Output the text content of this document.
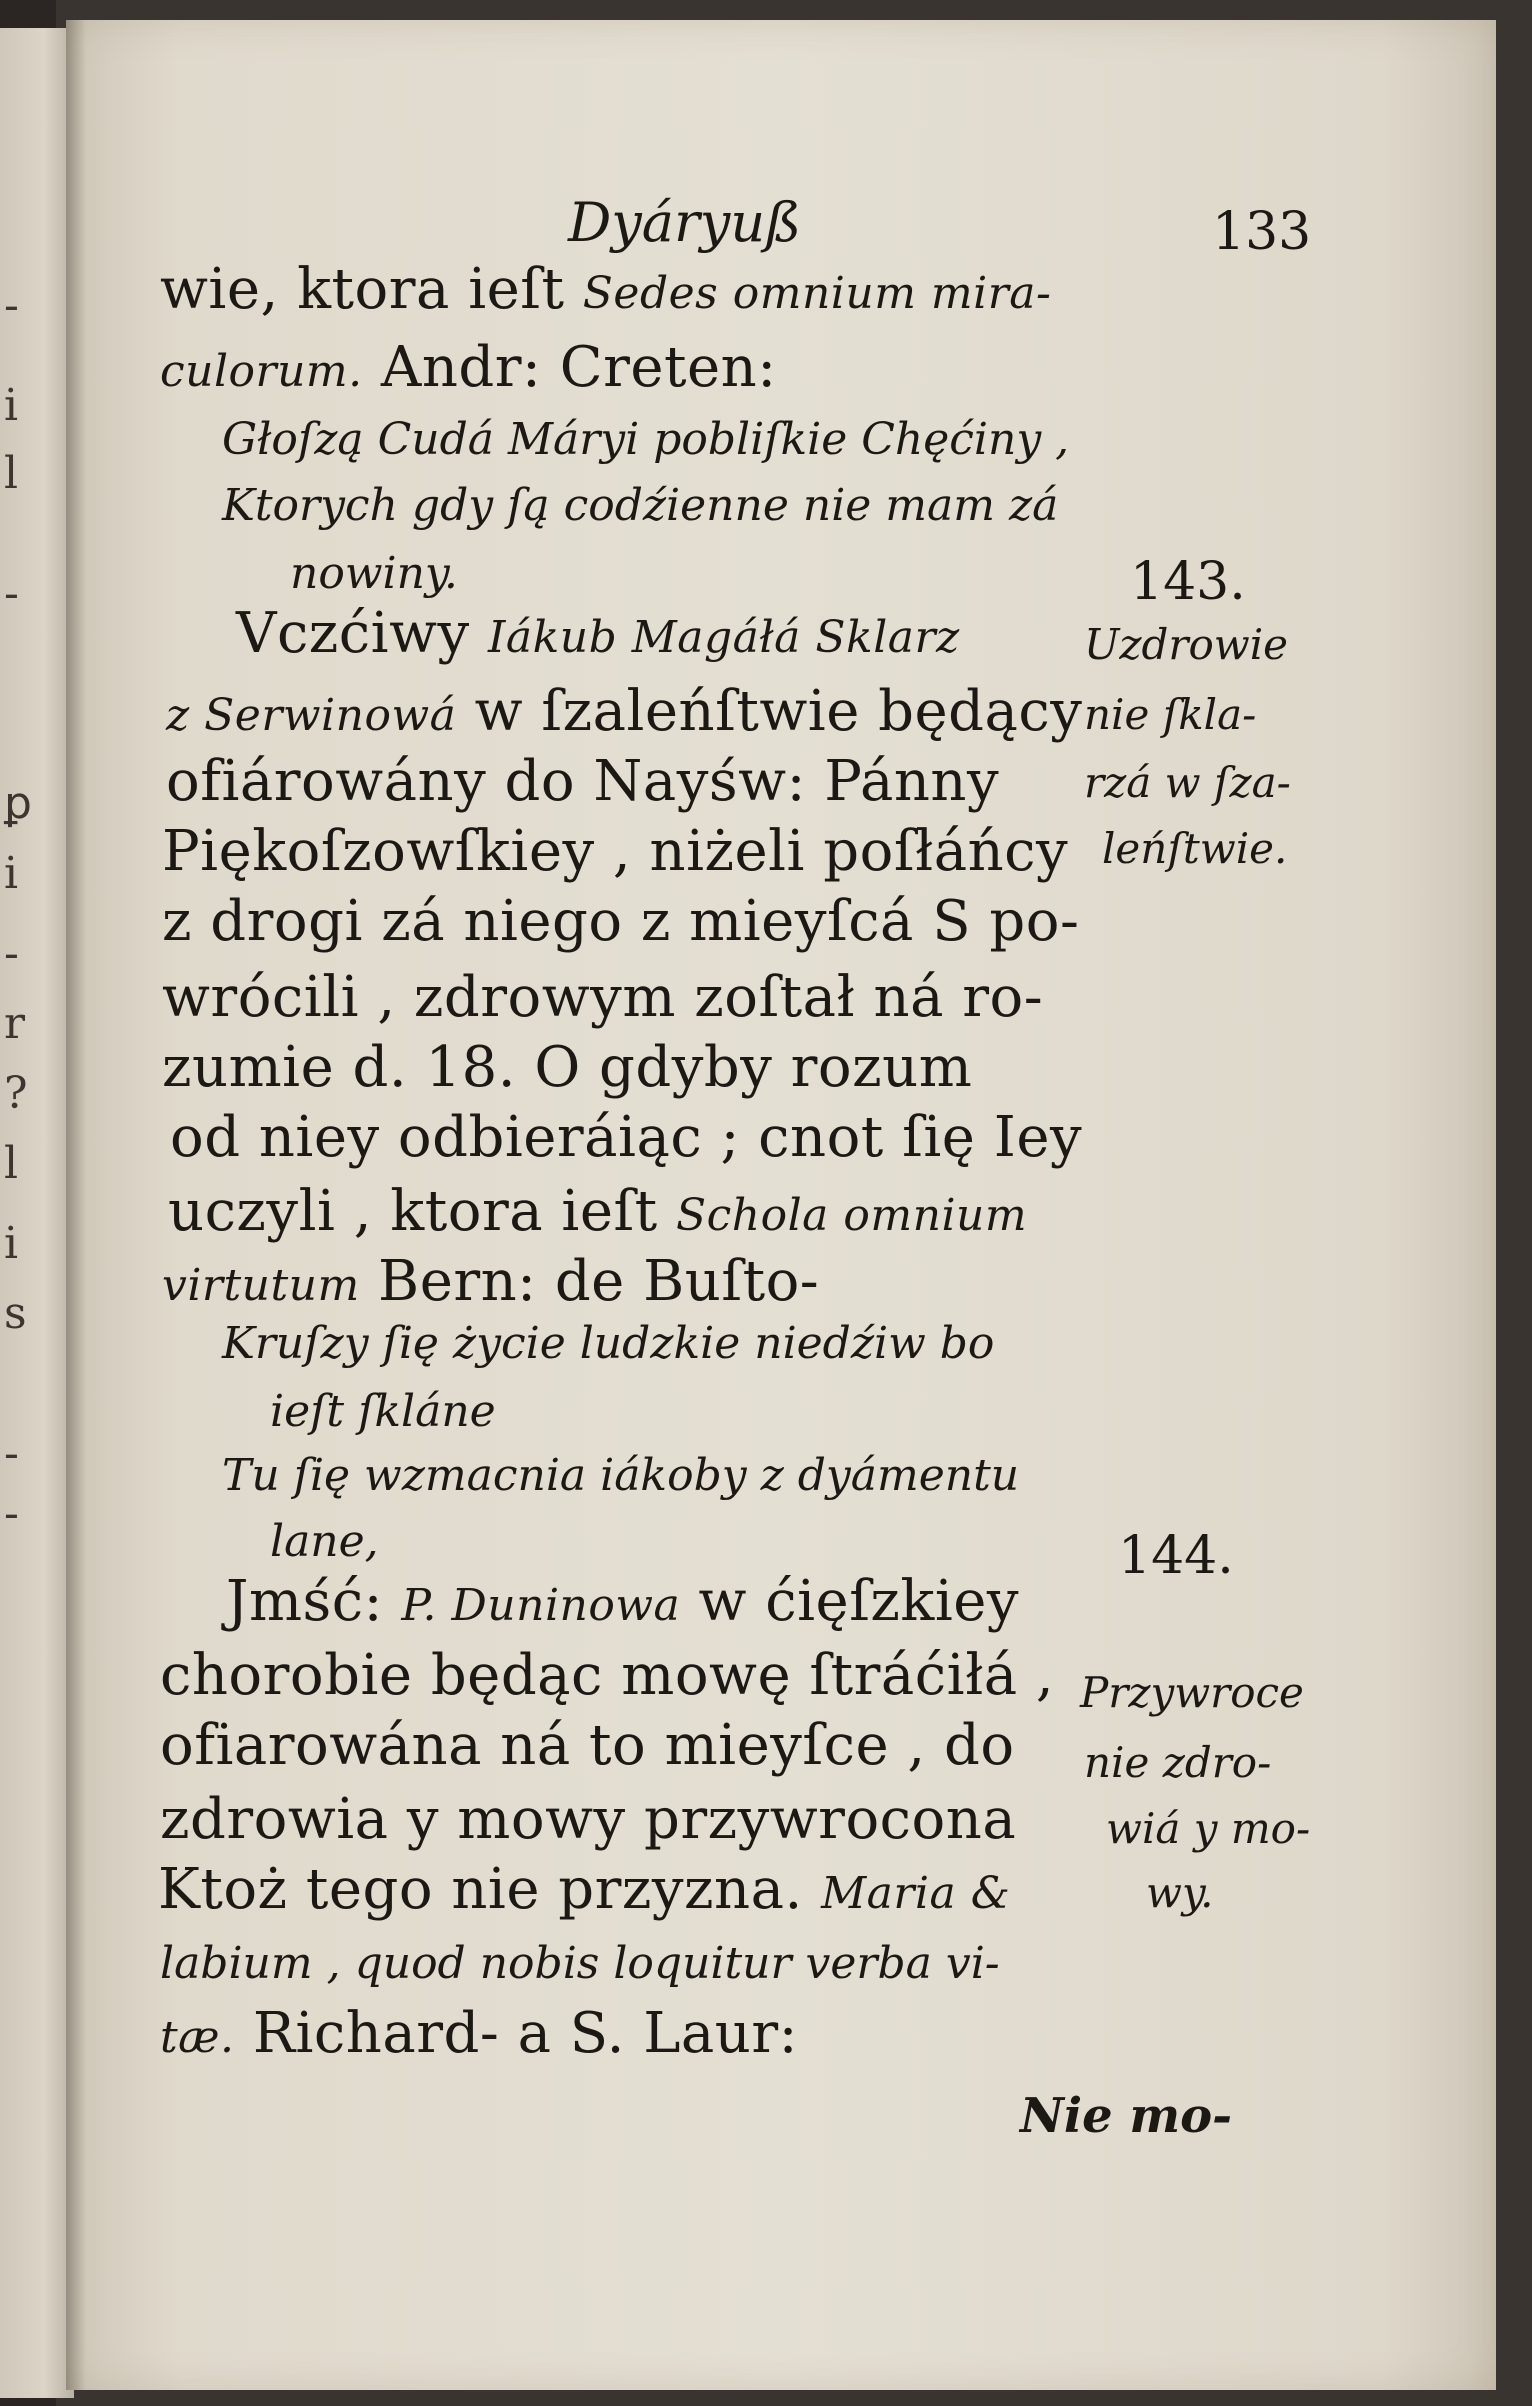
-
i
l
-
ꝑ
i
-
r
?
l
i
s
-
-
Dyáryuß	133
wie, ktora ieſt Sedes omnium mira-
culorum. Andr: Creten:
Głoſzą Cudá Máryi pobliſkie Chęćiny ,
Ktorych gdy ſą codźienne nie mam zá
nowiny.
Vczćiwy Iákub Magáłá Sklarz
z Serwinowá w ſzaleńſtwie będący
ofiárowány do Nayśw: Pánny
Piękoſzowſkiey , niżeli poſłáńcy
z drogi zá niego z mieyſcá S po-
wrócili , zdrowym zoſtał ná ro-
zumie d. 18. O gdyby rozum
od niey odbieráiąc ; cnot ſię Iey
uczyli , ktora ieſt Schola omnium
virtutum Bern: de Buſto-
Kruſzy ſię życie ludzkie niedźiw bo
ieſt ſkláne
Tu ſię wzmacnia iákoby z dyámentu
lane,
Jmść: P. Duninowa w ćięſzkiey
chorobie będąc mowę ſtráćiłá ,
ofiarowána ná to mieyſce , do
zdrowia y mowy przywrocona
Ktoż tego nie przyzna. Maria &
labium , quod nobis loquitur verba vi-
tæ. Richard- a S. Laur:
143.
Uzdrowie
nie ſkla-
rzá w ſza-
leńſtwie.
144.
Przywroce
nie zdro-
wiá y mo-
wy.
Nie mo-
